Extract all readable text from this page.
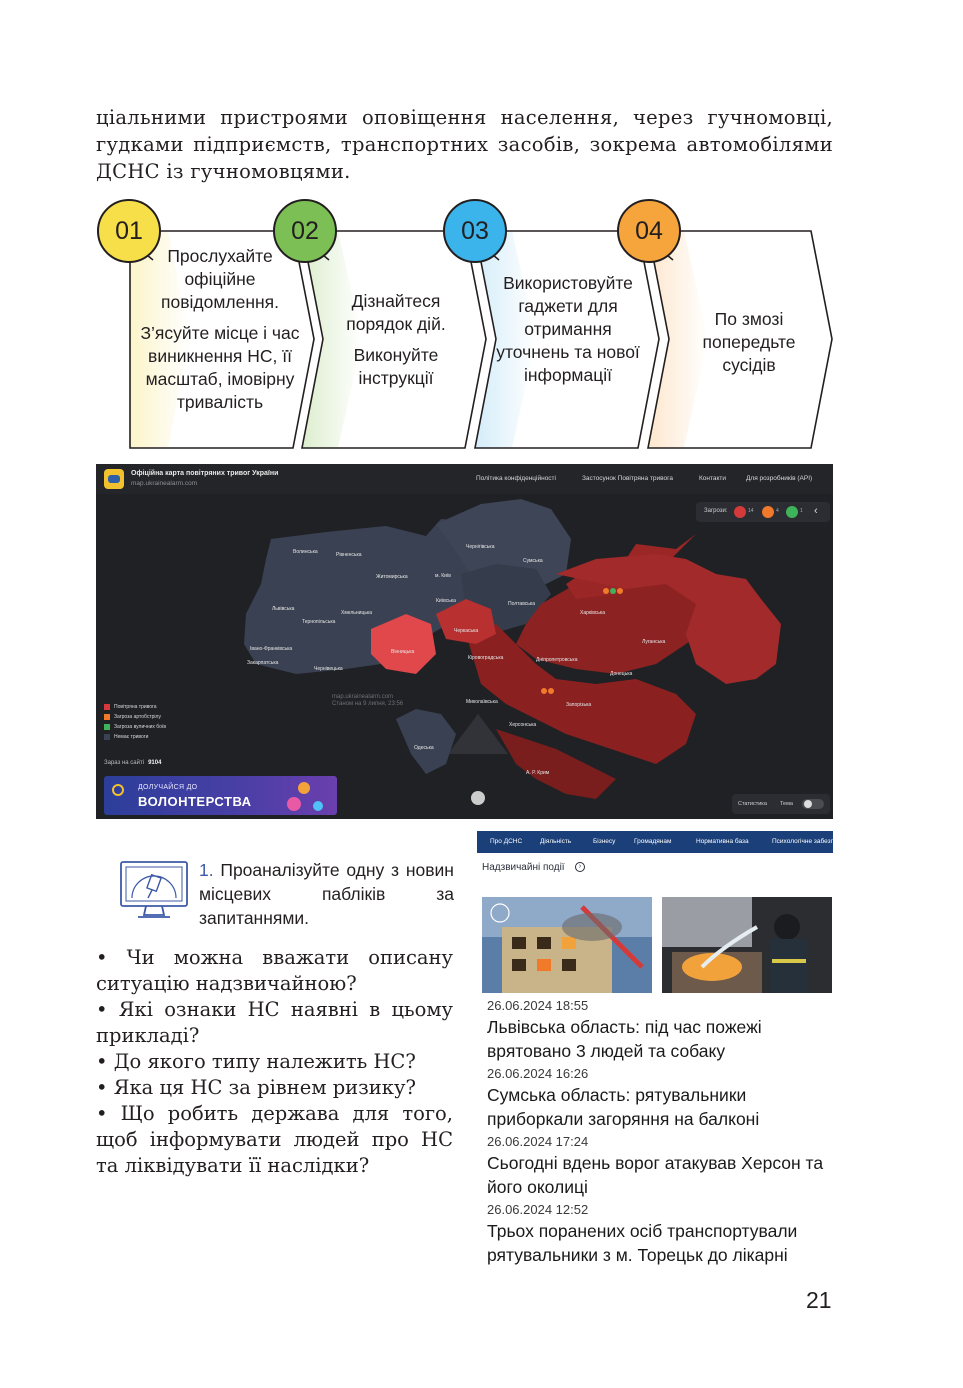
ціальними пристроями оповіщення населення, через гучномовці, гудками підприємств, транспортних засобів, зокрема автомобілями ДСНС із гучномовцями.
01	02	03	04

Прослухайте офіційне повідомлення.

З’ясуйте місце і час виникнення НС, її масштаб, імовірну тривалість

Дізнайтеся порядок дій.

Виконуйте інструкції

Використовуйте гаджети для отримання уточнень та нової інформації

По змозі попередьте сусідів

Офіційна карта повітряних тривог України
map.ukrainealarm.com
Політика конфіденційності	Застосунок Повітряна тривога	Контакти	Для розробників (API)
Загрози:	14	4	1 ‹
Волинська	Рівненська
Житомирська	м. Київ
Чернігівська
Сумська
Львівська
Тернопільська
Хмельницька
Київська	Полтавська
Харківська
Луганська
Івано-Франківська	Вінницька
Черкаська
Закарпатська
Чернівецька
Кіровоградська	Дніпропетровська
Донецька
Миколаївська	Запорізька
Херсонська
Одеська
А. Р. Крим
map.ukrainealarm.com
Станом на 9 липня, 23:56
Повітряна тривога
Загроза артобстрілу
Загроза вуличних боїв
Немає тривоги
Зараз на сайті 9104
ДОЛУЧАЙСЯ ДО
ВОЛОНТЕРСТВА	Статистика Тема
1. Проаналізуйте одну з новин місцевих пабліків за запитаннями.
• Чи можна вважати описану ситуацію надзвичайною?
• Які ознаки НС наявні в цьому прикладі?
• До якого типу належить НС?
• Яка ця НС за рівнем ризику?
• Що робить держава для того, щоб інформувати людей про НС та ліквідувати її наслідки?
Про ДСНС	Діяльність	Бізнесу	Громадянам	Нормативна база	Психологічне забезпечення
Надзвичайні події	›
26.06.2024 18:55
Львівська область: під час пожежі врятовано 3 людей та собаку
26.06.2024 16:26
Сумська область: рятувальники приборкали загоряння на балконі
26.06.2024 17:24
Сьогодні вдень ворог атакував Херсон та його околиці
26.06.2024 12:52
Трьох поранених осіб транспортували рятувальники з м. Торецьк до лікарні
21
